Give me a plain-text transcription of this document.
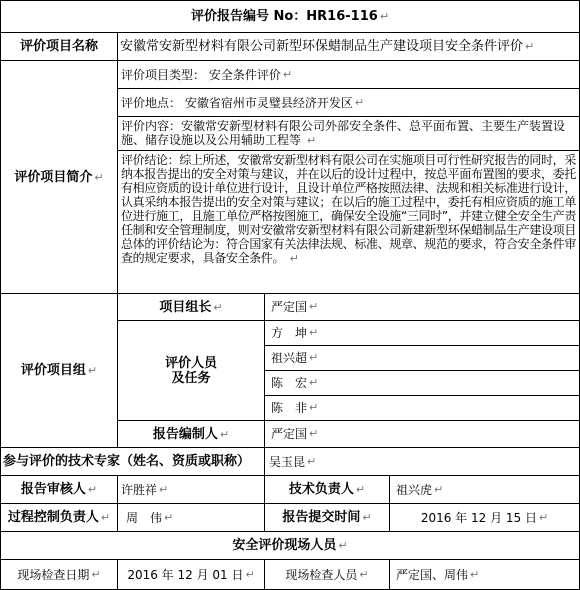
评价报告编号 No： HR16-116 ↵
评价项目名称 安徽常安新型材料有限公司新型环保蜡制品生产建设项目安全条件评价 ↵
评价项目简介 ↵
评价项目类型： 安全条件评价 ↵
评价地点： 安徽省宿州市灵璧县经济开发区 ↵
评价内容：安徽常安新型材料有限公司外部安全条件、总平面布置、主要生产装置设施、储存设施以及公用辅助工程等 ↵
评价结论：综上所述，安徽常安新型材料有限公司在实施项目可行性研究报告的同时，采纳本报告提出的安全对策与建议，并在以后的设计过程中，按总平面布置图的要求，委托有相应资质的设计单位进行设计，且设计单位严格按照法律、法规和相关标准进行设计，认真采纳本报告提出的安全对策与建议；在以后的施工过程中，委托有相应资质的施工单位进行施工，且施工单位严格按图施工，确保安全设施“三同时”，并建立健全安全生产责任制和安全管理制度，则对安徽常安新型材料有限公司新建新型环保蜡制品生产建设项目总体的评价结论为：符合国家有关法律法规、标准、规章、规范的要求，符合安全条件审查的规定要求，具备安全条件。 ↵
评价项目组 ↵
项目组长 ↵	严定国 ↵
评价人员
及任务
方　坤 ↵
祖兴超 ↵
陈　宏 ↵
陈　非 ↵
报告编制人 ↵	严定国 ↵
参与评价的技术专家（姓名、资质或职称） 吴玉昆 ↵
报告审核人 ↵ 许胜祥 ↵	技术负责人 ↵	祖兴虎 ↵
过程控制负责人 ↵ 周　伟 ↵	报告提交时间 ↵	2016 年 12 月 15 日 ↵
安全评价现场人员 ↵
现场检查日期 ↵ 2016 年 12 月 01 日 ↵	现场检查人员 ↵ 严定国、周伟 ↵
